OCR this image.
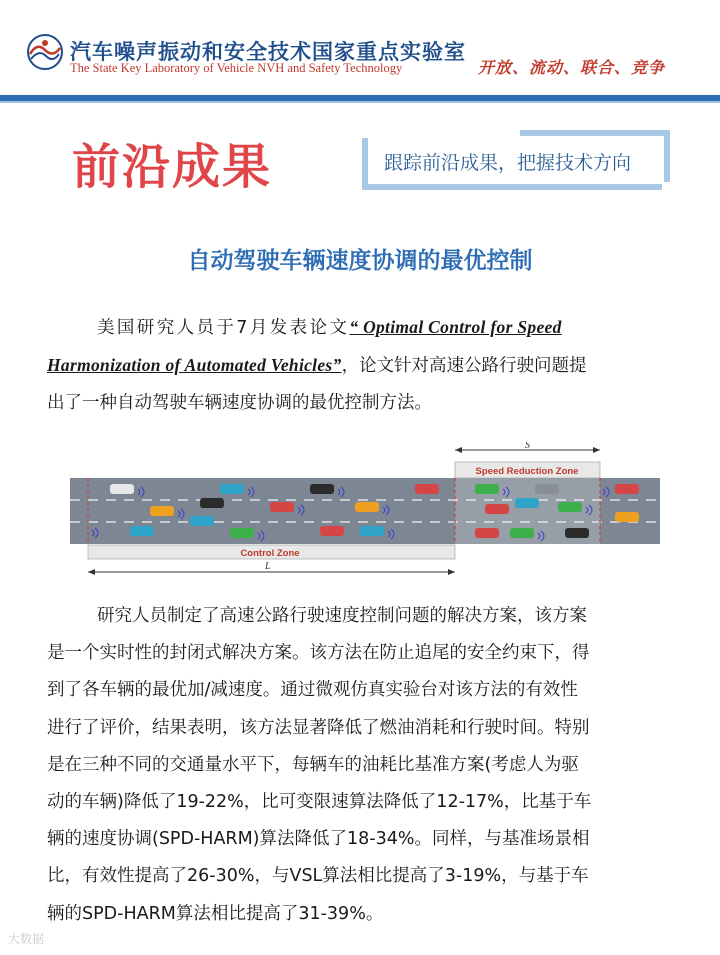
汽车噪声振动和安全技术国家重点实验室
The State Key Laboratory of Vehicle NVH and Safety Technology	开放、流动、联合、竞争
前沿成果	跟踪前沿成果，把握技术方向
自动驾驶车辆速度协调的最优控制
美国研究人员于7月发表论文“ Optimal Control for Speed
Harmonization of Automated Vehicles”，论文针对高速公路行驶问题提
出了一种自动驾驶车辆速度协调的最优控制方法。
S
Speed Reduction Zone
Control Zone
L
研究人员制定了高速公路行驶速度控制问题的解决方案，该方案
是一个实时性的封闭式解决方案。该方法在防止追尾的安全约束下，得
到了各车辆的最优加/减速度。通过微观仿真实验台对该方法的有效性
进行了评价，结果表明，该方法显著降低了燃油消耗和行驶时间。特别
是在三种不同的交通量水平下，每辆车的油耗比基准方案(考虑人为驱
动的车辆)降低了19-22%，比可变限速算法降低了12-17%，比基于车
辆的速度协调(SPD-HARM)算法降低了18-34%。同样，与基准场景相
比，有效性提高了26-30%，与VSL算法相比提高了3-19%，与基于车
辆的SPD-HARM算法相比提高了31-39%。
大数据
